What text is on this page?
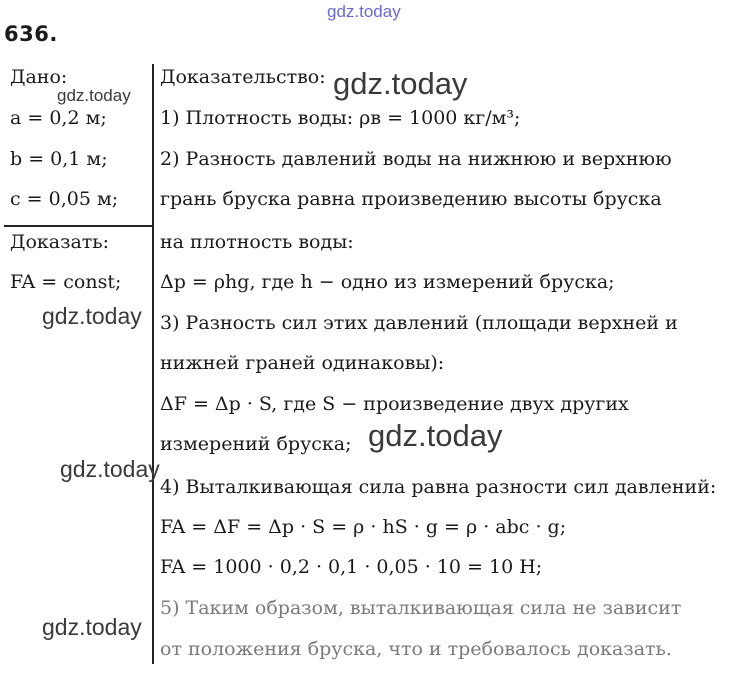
gdz.today
636.
Дано:
a = 0,2 м;
b = 0,1 м;
c = 0,05 м;
Доказать:
FA = const;
Доказательство:
1) Плотность воды: ρв = 1000 кг/м³;
2) Разность давлений воды на нижнюю и верхнюю
грань бруска равна произведению высоты бруска
на плотность воды:
Δp = ρhg, где h − одно из измерений бруска;
3) Разность сил этих давлений (площади верхней и
нижней граней одинаковы):
ΔF = Δp · S, где S − произведение двух других
измерений бруска;
4) Выталкивающая сила равна разности сил давлений:
FA = ΔF = Δp · S = ρ · hS · g = ρ · abc · g;
FA = 1000 · 0,2 · 0,1 · 0,05 · 10 = 10 Н;
5) Таким образом, выталкивающая сила не зависит
от положения бруска, что и требовалось доказать.
gdz.today	gdz.today
gdz.today
gdz.today
gdz.today
gdz.today
